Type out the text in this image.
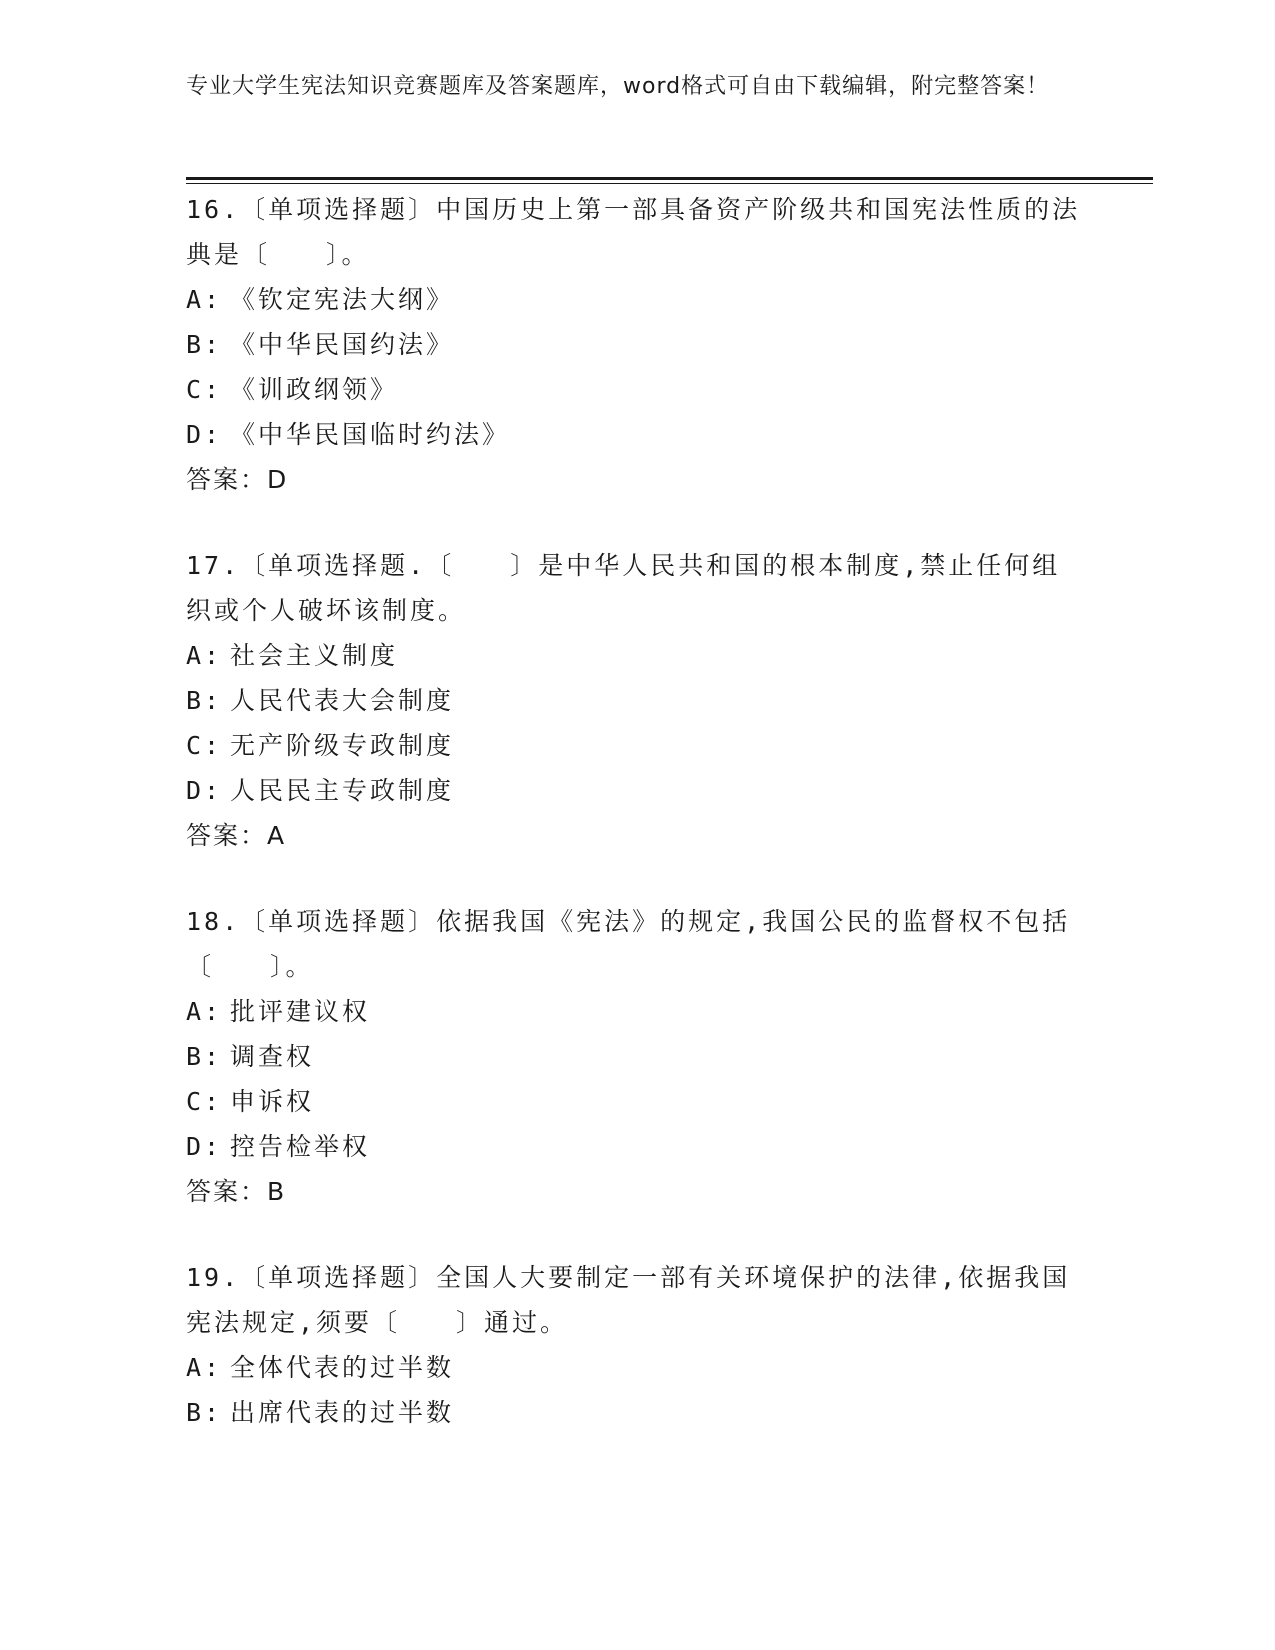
专业大学生宪法知识竞赛题库及答案题库，word格式可自由下载编辑，附完整答案！
16.〔单项选择题〕中国历史上第一部具备资产阶级共和国宪法性质的法典是〔　　〕。
A: 《钦定宪法大纲》
B: 《中华民国约法》
C: 《训政纲领》
D: 《中华民国临时约法》
答案：D
17.〔单项选择题.〔　　〕是中华人民共和国的根本制度,禁止任何组织或个人破坏该制度。
A: 社会主义制度
B: 人民代表大会制度
C: 无产阶级专政制度
D: 人民民主专政制度
答案：A
18.〔单项选择题〕依据我国《宪法》的规定,我国公民的监督权不包括〔　　〕。
A: 批评建议权
B: 调查权
C: 申诉权
D: 控告检举权
答案：B
19.〔单项选择题〕全国人大要制定一部有关环境保护的法律,依据我国宪法规定,须要〔　　〕通过。
A: 全体代表的过半数
B: 出席代表的过半数
